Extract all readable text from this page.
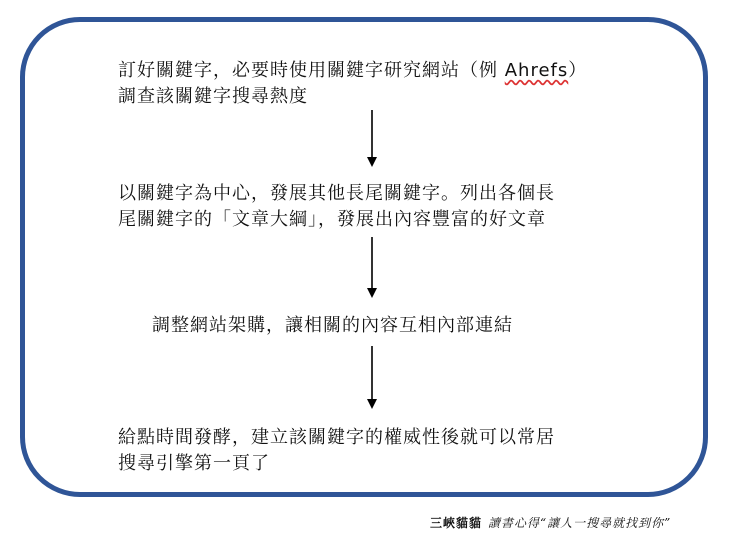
訂好關鍵字，必要時使用關鍵字研究網站（例 Ahrefs）
調查該關鍵字搜尋熱度
以關鍵字為中心，發展其他長尾關鍵字。列出各個長
尾關鍵字的「文章大綱」，發展出內容豐富的好文章
調整網站架購，讓相關的內容互相內部連結
給點時間發酵，建立該關鍵字的權威性後就可以常居
搜尋引擎第一頁了
三峽貓貓 讀書心得“讓人一搜尋就找到你”
